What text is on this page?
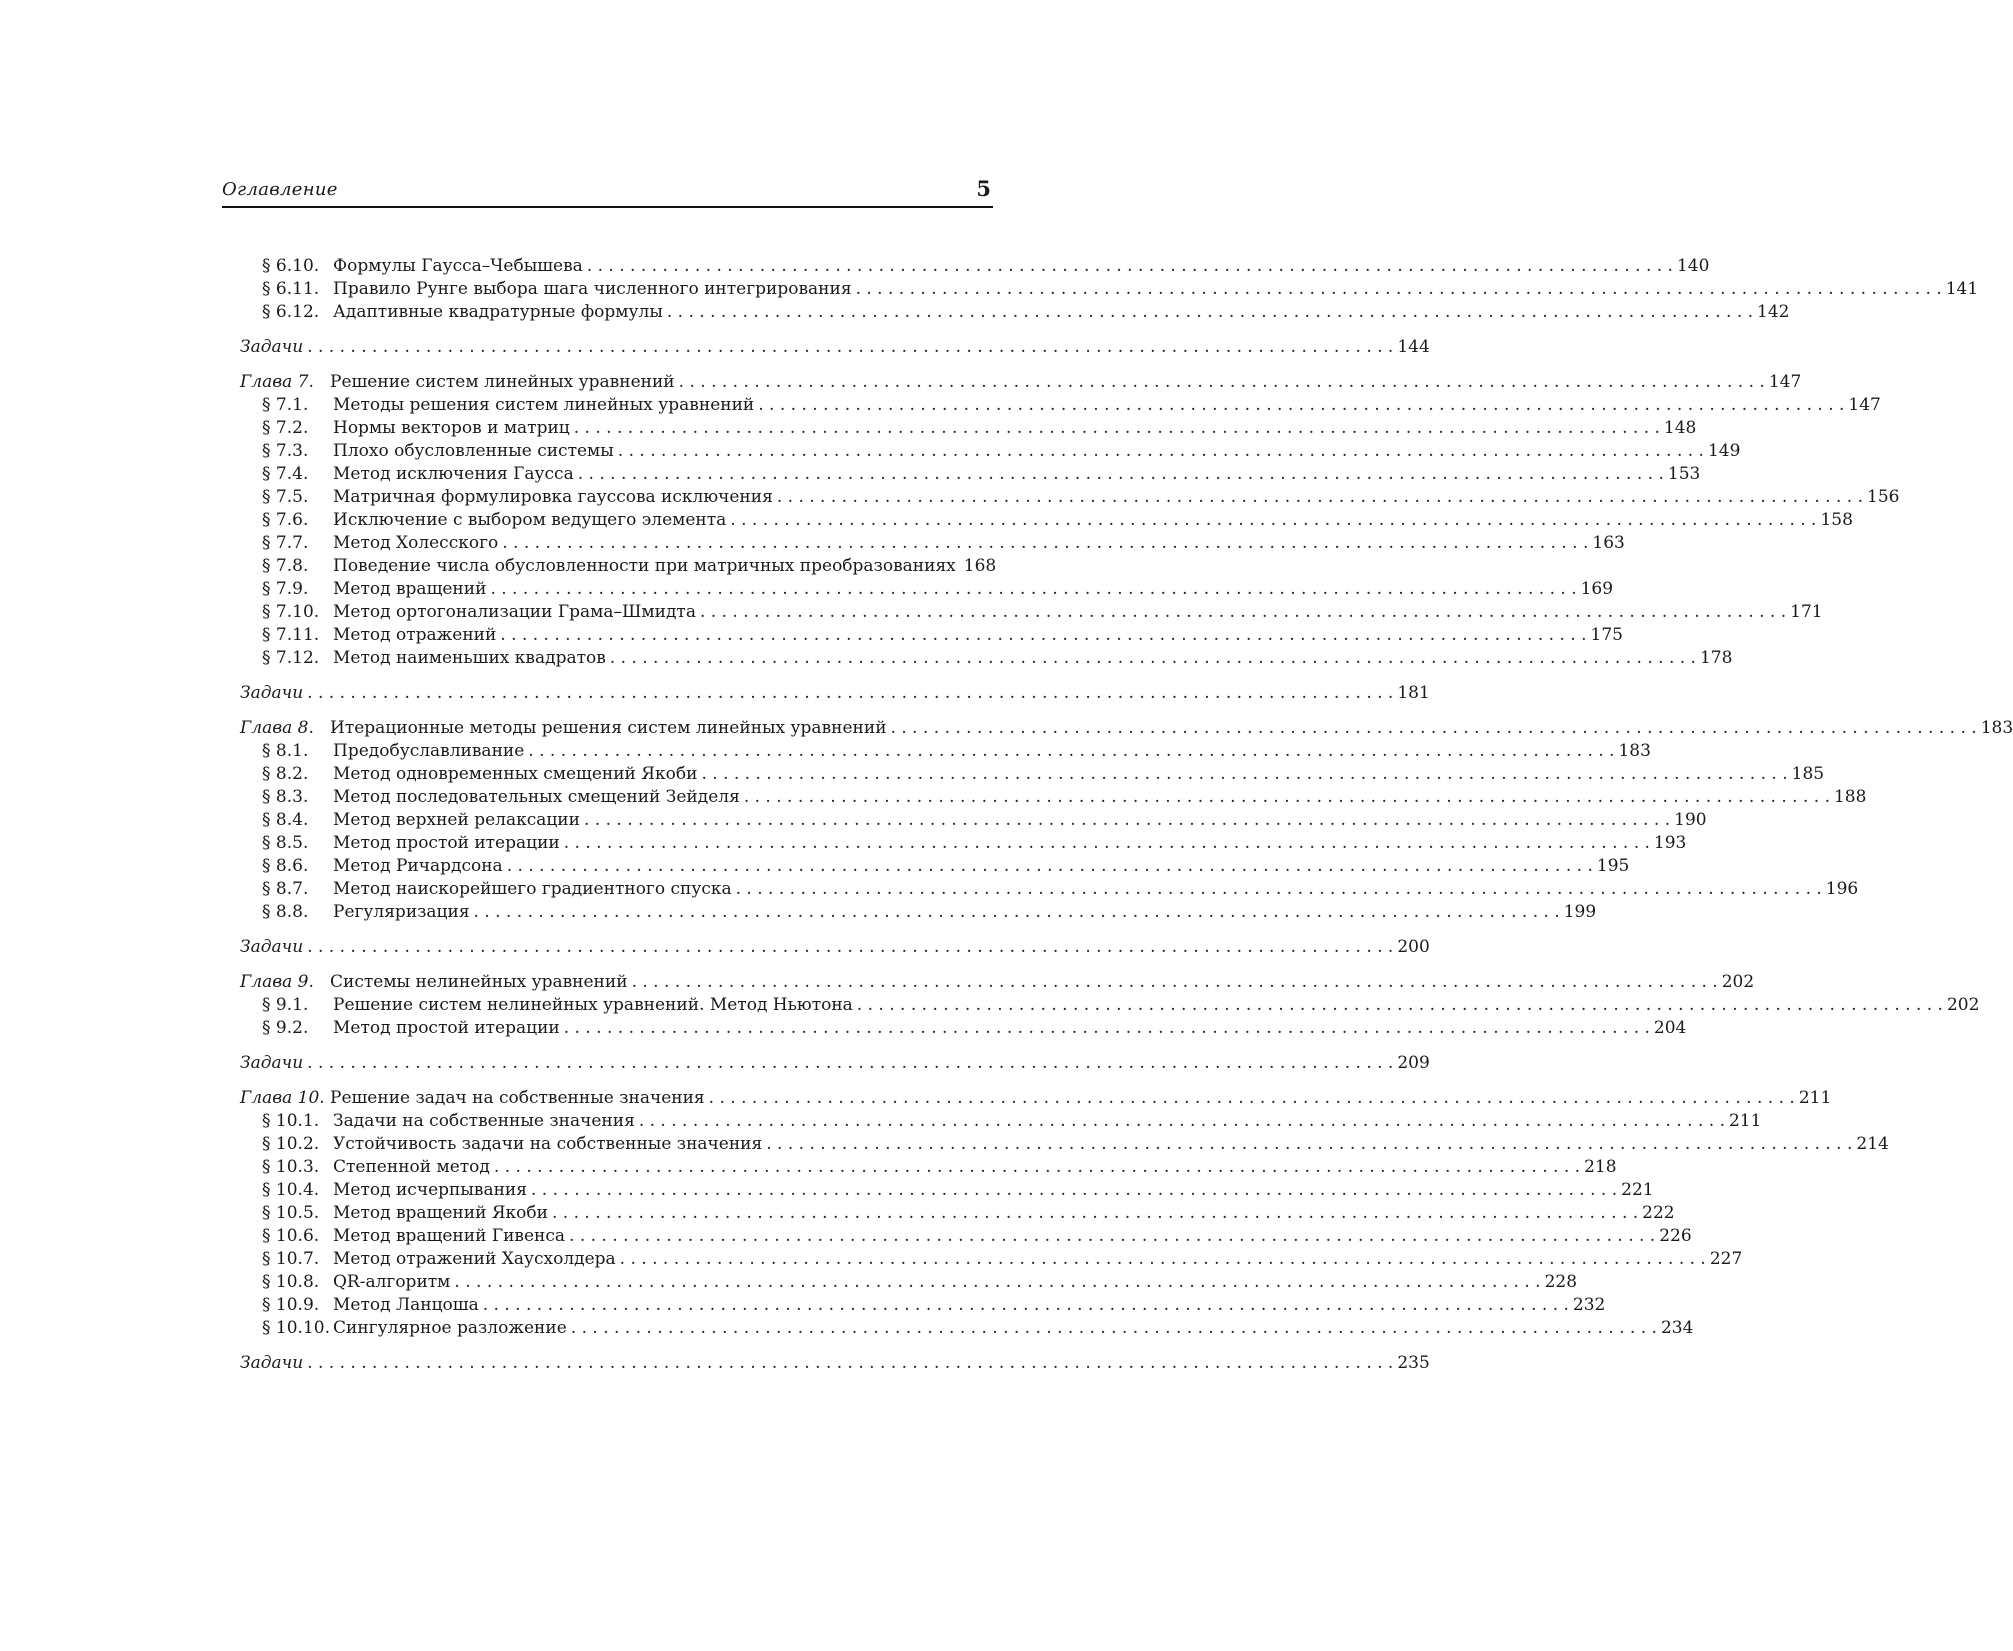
Оглавление	5
§ 6.10. Формулы Гаусса–Чебышева . . .	140
§ 6.11. Правило Рунге выбора шага численного интегрирования . . .	141
§ 6.12. Адаптивные квадратурные формулы . . .	142
Задачи . . .	144
Глава 7. Решение систем линейных уравнений . . .	147
§ 7.1.	Методы решения систем линейных уравнений . . .	147
§ 7.2.	Нормы векторов и матриц . . .	148
§ 7.3.	Плохо обусловленные системы . . .	149
§ 7.4.	Метод исключения Гаусса . . .	153
§ 7.5.	Матричная формулировка гауссова исключения . . .	156
§ 7.6.	Исключение с выбором ведущего элемента . . .	158
§ 7.7.	Метод Холесского . . .	163
§ 7.8.	Поведение числа обусловленности при матричных преобразованиях 168
§ 7.9.	Метод вращений . . .	169
§ 7.10. Метод ортогонализации Грама–Шмидта . . .	171
§ 7.11. Метод отражений . . .	175
§ 7.12. Метод наименьших квадратов . . .	178
Задачи . . .	181
Глава 8. Итерационные методы решения систем линейных уравнений . . .	183
§ 8.1.	Предобуславливание . . .	183
§ 8.2.	Метод одновременных смещений Якоби . . .	185
§ 8.3.	Метод последовательных смещений Зейделя . . .	188
§ 8.4.	Метод верхней релаксации . . .	190
§ 8.5.	Метод простой итерации . . .	193
§ 8.6.	Метод Ричардсона . . .	195
§ 8.7.	Метод наискорейшего градиентного спуска . . .	196
§ 8.8.	Регуляризация . . .	199
Задачи . . .	200
Глава 9. Системы нелинейных уравнений . . .	202
§ 9.1.	Решение систем нелинейных уравнений. Метод Ньютона . . .	202
§ 9.2.	Метод простой итерации . . .	204
Задачи . . .	209
Глава 10. Решение задач на собственные значения . . .	211
§ 10.1. Задачи на собственные значения . . .	211
§ 10.2. Устойчивость задачи на собственные значения . . .	214
§ 10.3. Степенной метод . . .	218
§ 10.4. Метод исчерпывания . . .	221
§ 10.5. Метод вращений Якоби . . .	222
§ 10.6. Метод вращений Гивенса . . .	226
§ 10.7. Метод отражений Хаусхолдера . . .	227
§ 10.8. QR-алгоритм . . .	228
§ 10.9. Метод Ланцоша . . .	232
§ 10.10. Сингулярное разложение . . .	234
Задачи . . .	235
